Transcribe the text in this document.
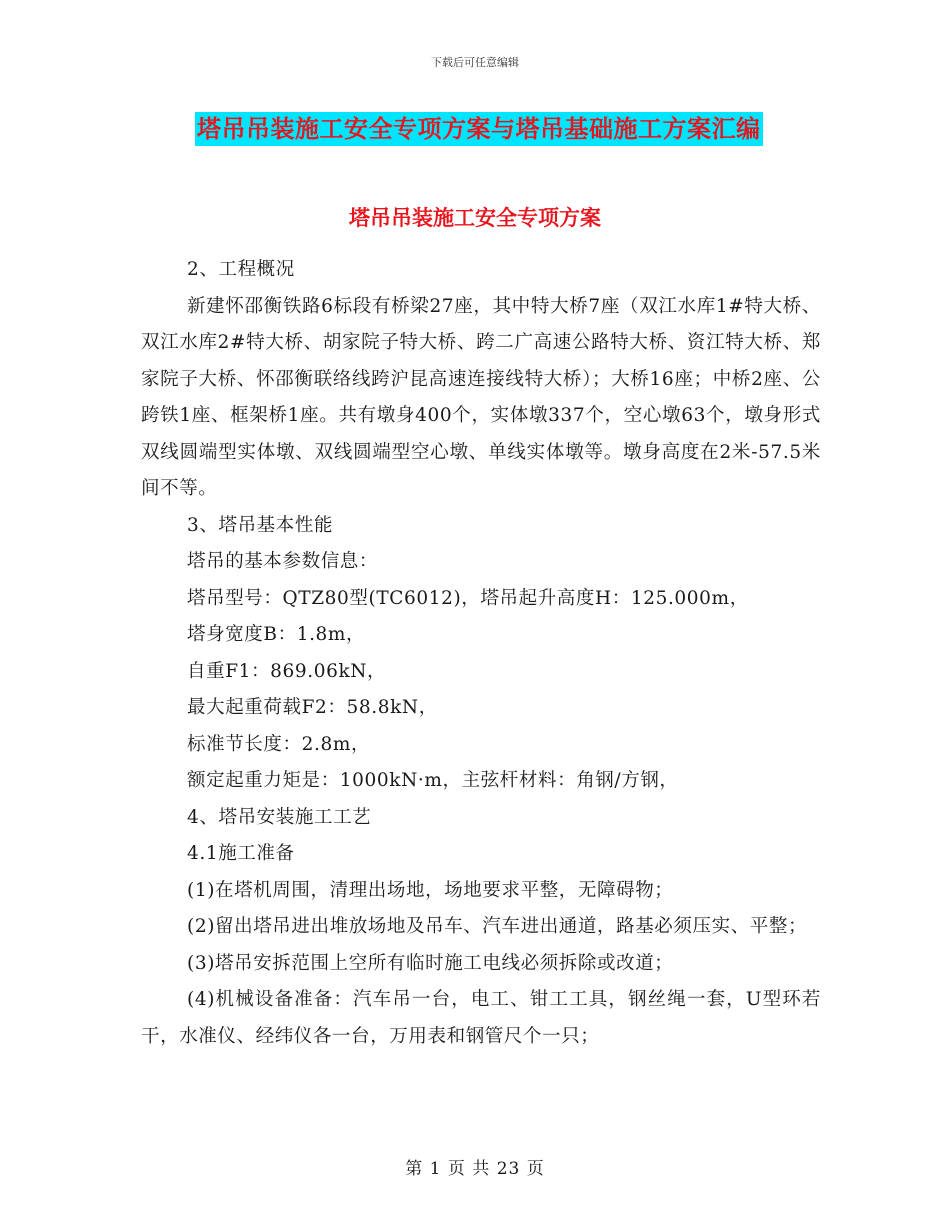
下载后可任意编辑
塔吊吊装施工安全专项方案与塔吊基础施工方案汇编
塔吊吊装施工安全专项方案

2、工程概况

新建怀邵衡铁路6标段有桥梁27座，其中特大桥7座（双江水库1#特大桥、双江水库2#特大桥、胡家院子特大桥、跨二广高速公路特大桥、资江特大桥、郑家院子大桥、怀邵衡联络线跨沪昆高速连接线特大桥）；大桥16座；中桥2座、公跨铁1座、框架桥1座。共有墩身400个，实体墩337个，空心墩63个，墩身形式双线圆端型实体墩、双线圆端型空心墩、单线实体墩等。墩身高度在2米-57.5米间不等。

3、塔吊基本性能

塔吊的基本参数信息：

塔吊型号：QTZ80型(TC6012)，塔吊起升高度H：125.000m，

塔身宽度B：1.8m，

自重F1：869.06kN，

最大起重荷载F2：58.8kN，

标准节长度：2.8m，

额定起重力矩是：1000kN·m，主弦杆材料：角钢/方钢，

4、塔吊安装施工工艺

4.1施工准备

(1)在塔机周围，清理出场地，场地要求平整，无障碍物；

(2)留出塔吊进出堆放场地及吊车、汽车进出通道，路基必须压实、平整；

(3)塔吊安拆范围上空所有临时施工电线必须拆除或改道；

(4)机械设备准备：汽车吊一台，电工、钳工工具，钢丝绳一套，U型环若干，水准仪、经纬仪各一台，万用表和钢管尺个一只；

第 1 页 共 23 页
